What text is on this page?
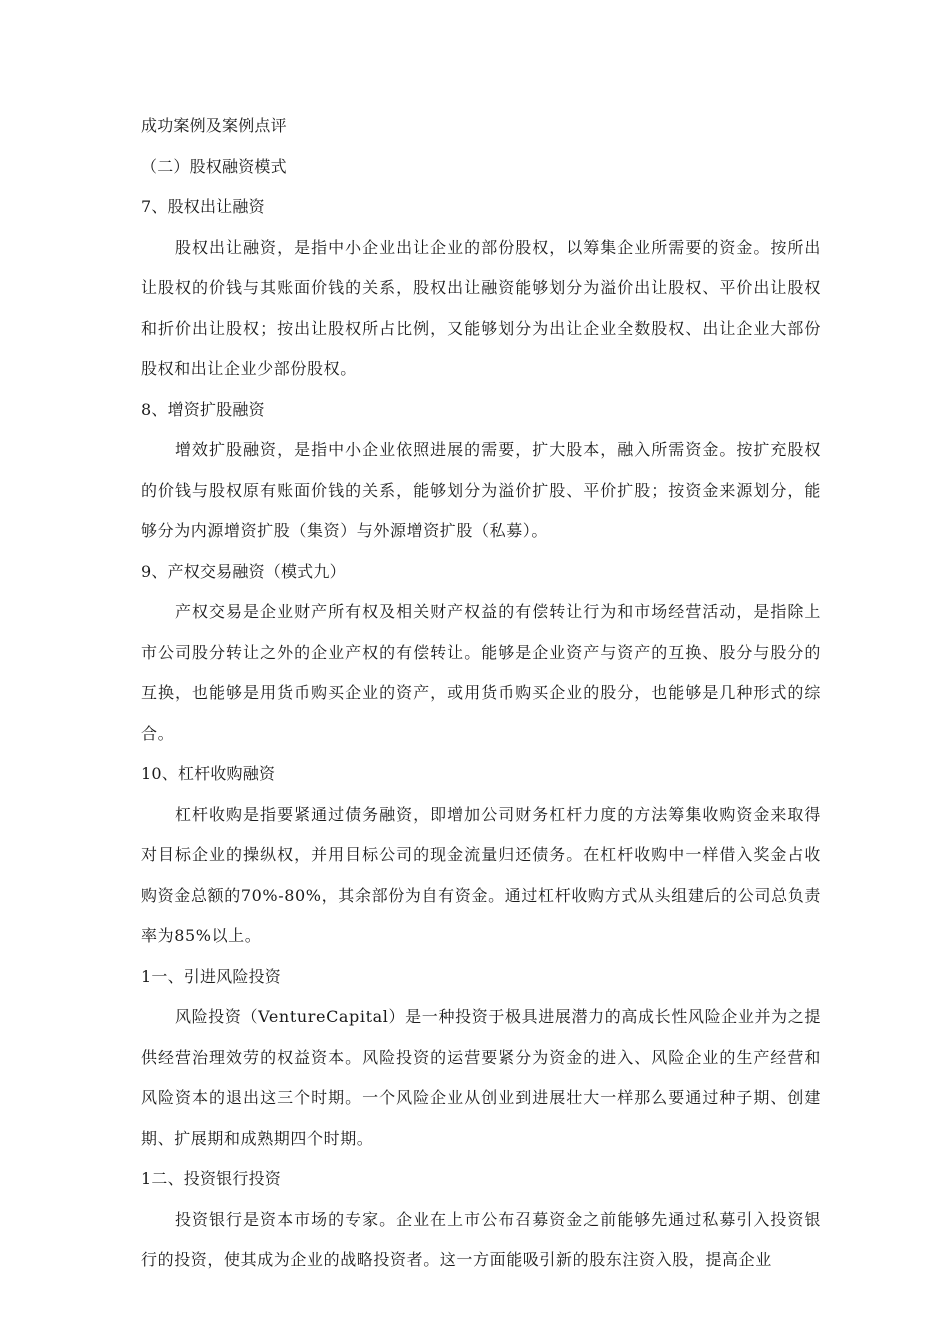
成功案例及案例点评

（二）股权融资模式

7、股权出让融资

股权出让融资，是指中小企业出让企业的部份股权，以筹集企业所需要的资金。按所出让股权的价钱与其账面价钱的关系，股权出让融资能够划分为溢价出让股权、平价出让股权和折价出让股权；按出让股权所占比例，又能够划分为出让企业全数股权、出让企业大部份股权和出让企业少部份股权。

8、增资扩股融资

增效扩股融资，是指中小企业依照进展的需要，扩大股本，融入所需资金。按扩充股权的价钱与股权原有账面价钱的关系，能够划分为溢价扩股、平价扩股；按资金来源划分，能够分为内源增资扩股（集资）与外源增资扩股（私募）。

9、产权交易融资（模式九）

产权交易是企业财产所有权及相关财产权益的有偿转让行为和市场经营活动，是指除上市公司股分转让之外的企业产权的有偿转让。能够是企业资产与资产的互换、股分与股分的互换，也能够是用货币购买企业的资产，或用货币购买企业的股分，也能够是几种形式的综合。

10、杠杆收购融资

杠杆收购是指要紧通过债务融资，即增加公司财务杠杆力度的方法筹集收购资金来取得对目标企业的操纵权，并用目标公司的现金流量归还债务。在杠杆收购中一样借入奖金占收购资金总额的70%-80%，其余部份为自有资金。通过杠杆收购方式从头组建后的公司总负责率为85%以上。

1一、引进风险投资

风险投资（VentureCapital）是一种投资于极具进展潜力的高成长性风险企业并为之提供经营治理效劳的权益资本。风险投资的运营要紧分为资金的进入、风险企业的生产经营和风险资本的退出这三个时期。一个风险企业从创业到进展壮大一样那么要通过种子期、创建期、扩展期和成熟期四个时期。

1二、投资银行投资

投资银行是资本市场的专家。企业在上市公布召募资金之前能够先通过私募引入投资银行的投资，使其成为企业的战略投资者。这一方面能吸引新的股东注资入股，提高企业
